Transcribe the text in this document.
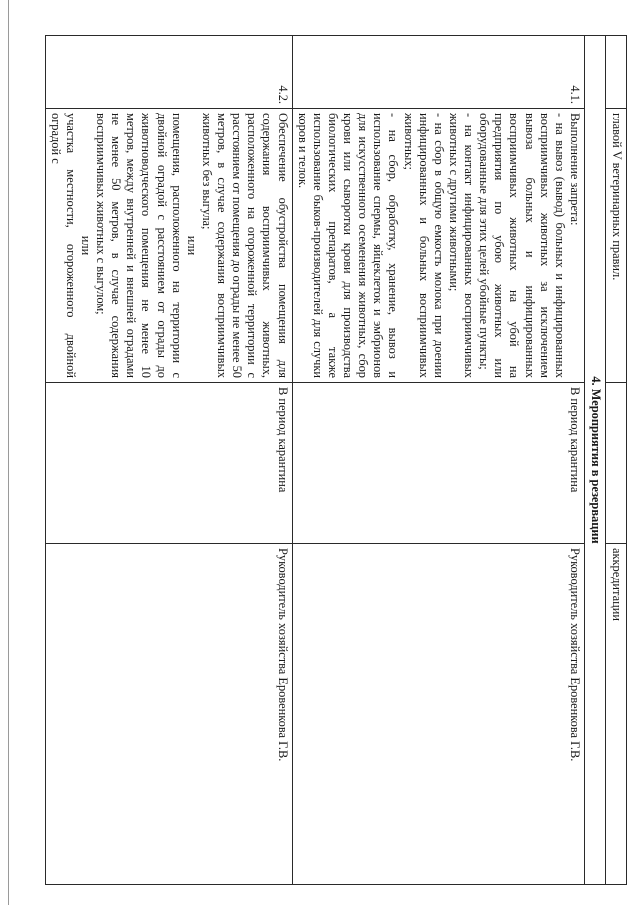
	главой V ветеринарных правил.		аккредитации
4. Мероприятия в резервации			
4.1.	Выполнение запрета:
- на вывоз (вывод) больных и инфицированных восприимчивых животных за исключением вывоза больных и инфицированных восприимчивых животных на убой на предприятия по убою животных или оборудованные для этих целей убойные пункты;
- на контакт инфицированных восприимчивых животных с другими животными;
- на сбор в общую емкость молока при доении инфицированных и больных восприимчивых животных;
- на сбор, обработку, хранение, вывоз и использование спермы, яйцеклеток и эмбрионов для искусственного осеменения животных, сбор крови или сыворотки крови для производства биологических препаратов, а также использование быков-производителей для случки коров и телок.	В период карантина	Руководитель хозяйства Еровенкова Г.В.
4.2.	Обеспечение обустройства помещения для содержания восприимчивых животных, расположенного на огороженной территории с расстоянием от помещения до ограды не менее 50 метров, в случае содержания восприимчивых животных без выгула;
или
помещения, расположенного на территории с двойной оградой с расстоянием от ограды до животноводческого помещения не менее 10 метров, между внутренней и внешней оградами не менее 50 метров, в случае содержания восприимчивых животных с выгулом;
или
участка местности, огороженного двойной оградой с	В период карантина	Руководитель хозяйства Еровенкова Г.В.
